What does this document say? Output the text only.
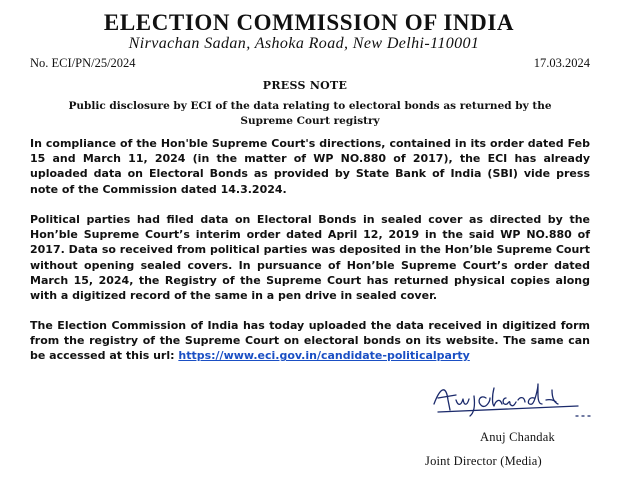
ELECTION COMMISSION OF INDIA
Nirvachan Sadan, Ashoka Road, New Delhi-110001
No. ECI/PN/25/2024	17.03.2024
PRESS NOTE
Public disclosure by ECI of the data relating to electoral bonds as returned by the Supreme Court registry

In compliance of the Hon'ble Supreme Court's directions, contained in its order dated Feb 15 and March 11, 2024 (in the matter of WP NO.880 of 2017), the ECI has already uploaded data on Electoral Bonds as provided by State Bank of India (SBI) vide press note of the Commission dated 14.3.2024.

Political parties had filed data on Electoral Bonds in sealed cover as directed by the Hon’ble Supreme Court’s interim order dated April 12, 2019 in the said WP NO.880 of 2017. Data so received from political parties was deposited in the Hon’ble Supreme Court without opening sealed covers. In pursuance of Hon’ble Supreme Court’s order dated March 15, 2024, the Registry of the Supreme Court has returned physical copies along with a digitized record of the same in a pen drive in sealed cover.

The Election Commission of India has today uploaded the data received in digitized form from the registry of the Supreme Court on electoral bonds on its website. The same can be accessed at this url: https://www.eci.gov.in/candidate-politicalparty

Anuj Chandak
Joint Director (Media)
